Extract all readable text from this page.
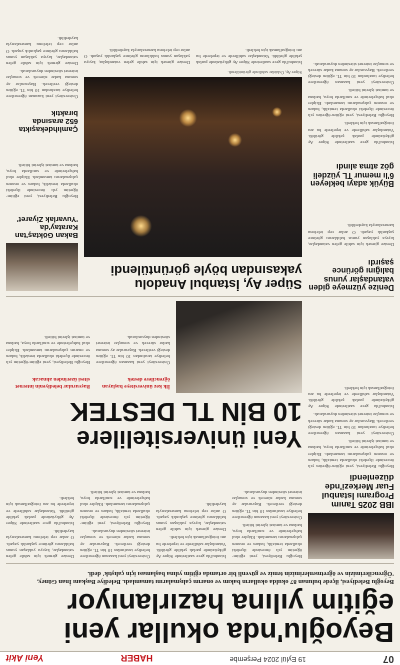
07
19 Eylül 2024 Perşembe
HABER
Yeni Akit
Beyoğlu'nda okullar yeni
eğitim yılına hazırlanıyor
Beyoğlu Belediyesi, ilçede bulunan 87 okulda okulların bakım ve onarım çalışmalarını tamamladı. Belediye Başkanı İnan Güney, 'Öğrencilerimizin ve öğretmenlerimizin temiz ve güvenli bir ortamda eğitim yılına başlaması için çalıştık' dedi.
IBB 2025 Tanım Programı İstanbul Fuar Merkezi'nde düzenlendi

Beyoğlu Belediyesi, yeni eğitim-öğretim yılı öncesinde ilçedeki okullarda temizlik, bakım ve onarım çalışmalarını tamamladı. Ekipler okul bahçelerinde ve sınıflarda boya, badana ve tamirat işlerini bitirdi.

Üniversiteyi yeni kazanan öğrencilere belediye tarafından 10 bin TL eğitim desteği verilecek. Başvurular ay sonuna kadar sürecek ve sonuçlar internet sitesinden duyurulacak.

İstanbul'da gece saatlerinde Süper Ay gökyüzünde parlak şekilde görüldü. Vatandaşlar sahillerde ve tepelerde bu anı fotoğraflamak için bekledi.

Beyoğlu Belediyesi, yeni eğitim-öğretim yılı öncesinde ilçedeki okullarda temizlik, bakım ve onarım çalışmalarını tamamladı. Ekipler okul bahçelerinde ve sınıflarda boya, badana ve tamirat işlerini bitirdi.

Üniversiteyi yeni kazanan öğrencilere belediye tarafından 10 bin TL eğitim desteği verilecek. Başvurular ay sonuna kadar sürecek ve sonuçlar internet sitesinden duyurulacak.

İstanbul'da gece saatlerinde Süper Ay gökyüzünde parlak şekilde görüldü. Vatandaşlar sahillerde ve tepelerde bu anı fotoğraflamak için bekledi.

Denize girmek için sahile gelen vatandaşlar, kıyıya yaklaşan yunus balıklarını görünce şaşkınlık yaşadı. O anlar cep telefonu kameralarıyla kaydedildi.

Üniversiteyi yeni kazanan öğrencilere belediye tarafından 10 bin TL eğitim desteği verilecek. Başvurular ay sonuna kadar sürecek ve sonuçlar internet sitesinden duyurulacak.

Beyoğlu Belediyesi, yeni eğitim-öğretim yılı öncesinde ilçedeki okullarda temizlik, bakım ve onarım çalışmalarını tamamladı. Ekipler okul bahçelerinde ve sınıflarda boya, badana ve tamirat işlerini bitirdi.

Denize girmek için sahile gelen vatandaşlar, kıyıya yaklaşan yunus balıklarını görünce şaşkınlık yaşadı. O anlar cep telefonu kameralarıyla kaydedildi.

İstanbul'da gece saatlerinde Süper Ay gökyüzünde parlak şekilde görüldü. Vatandaşlar sahillerde ve tepelerde bu anı fotoğraflamak için bekledi.

Yeni üniversitelilere
10 BİN TL DESTEK
İlk kez üniversiteye başlayan öğrencilere destek

Üniversiteyi yeni kazanan öğrencilere belediye tarafından 10 bin TL eğitim desteği verilecek. Başvurular ay sonuna kadar sürecek ve sonuçlar internet sitesinden duyurulacak.

Başvurular belediyenin internet sitesi üzerinden alınacak

Beyoğlu Belediyesi, yeni eğitim-öğretim yılı öncesinde ilçedeki okullarda temizlik, bakım ve onarım çalışmalarını tamamladı. Ekipler okul bahçelerinde ve sınıflarda boya, badana ve tamirat işlerini bitirdi.

Denize yüzmeye giden vatandaşlar yunus balığını görünce şaşırdı

Denize girmek için sahile gelen vatandaşlar, kıyıya yaklaşan yunus balıklarını görünce şaşkınlık yaşadı. O anlar cep telefonu kameralarıyla kaydedildi.

Büyük adayı bekleyen 6'lı memur TL yüzdeli göz atma alındı

İstanbul'da gece saatlerinde Süper Ay gökyüzünde parlak şekilde görüldü. Vatandaşlar sahillerde ve tepelerde bu anı fotoğraflamak için bekledi.

Beyoğlu Belediyesi, yeni eğitim-öğretim yılı öncesinde ilçedeki okullarda temizlik, bakım ve onarım çalışmalarını tamamladı. Ekipler okul bahçelerinde ve sınıflarda boya, badana ve tamirat işlerini bitirdi.

Üniversiteyi yeni kazanan öğrencilere belediye tarafından 10 bin TL eğitim desteği verilecek. Başvurular ay sonuna kadar sürecek ve sonuçlar internet sitesinden duyurulacak.

Süper Ay, İstanbul Anadolu yakasından böyle görüntülendi
Süper Ay, Üsküdar sahilinde görüntülendi.

İstanbul'da gece saatlerinde Süper Ay gökyüzünde parlak şekilde görüldü. Vatandaşlar sahillerde ve tepelerde bu anı fotoğraflamak için bekledi.

Denize girmek için sahile gelen vatandaşlar, kıyıya yaklaşan yunus balıklarını görünce şaşkınlık yaşadı. O anlar cep telefonu kameralarıyla kaydedildi.

Bakan Göktaş'tan Karatay'da 'Yuvarlak Ziyaret'

Beyoğlu Belediyesi, yeni eğitim-öğretim yılı öncesinde ilçedeki okullarda temizlik, bakım ve onarım çalışmalarını tamamladı. Ekipler okul bahçelerinde ve sınıflarda boya, badana ve tamirat işlerini bitirdi.

Çamlıhdekaşıkta 652 arasında bıraktık

Üniversiteyi yeni kazanan öğrencilere belediye tarafından 10 bin TL eğitim desteği verilecek. Başvurular ay sonuna kadar sürecek ve sonuçlar internet sitesinden duyurulacak.

Denize girmek için sahile gelen vatandaşlar, kıyıya yaklaşan yunus balıklarını görünce şaşkınlık yaşadı. O anlar cep telefonu kameralarıyla kaydedildi.
